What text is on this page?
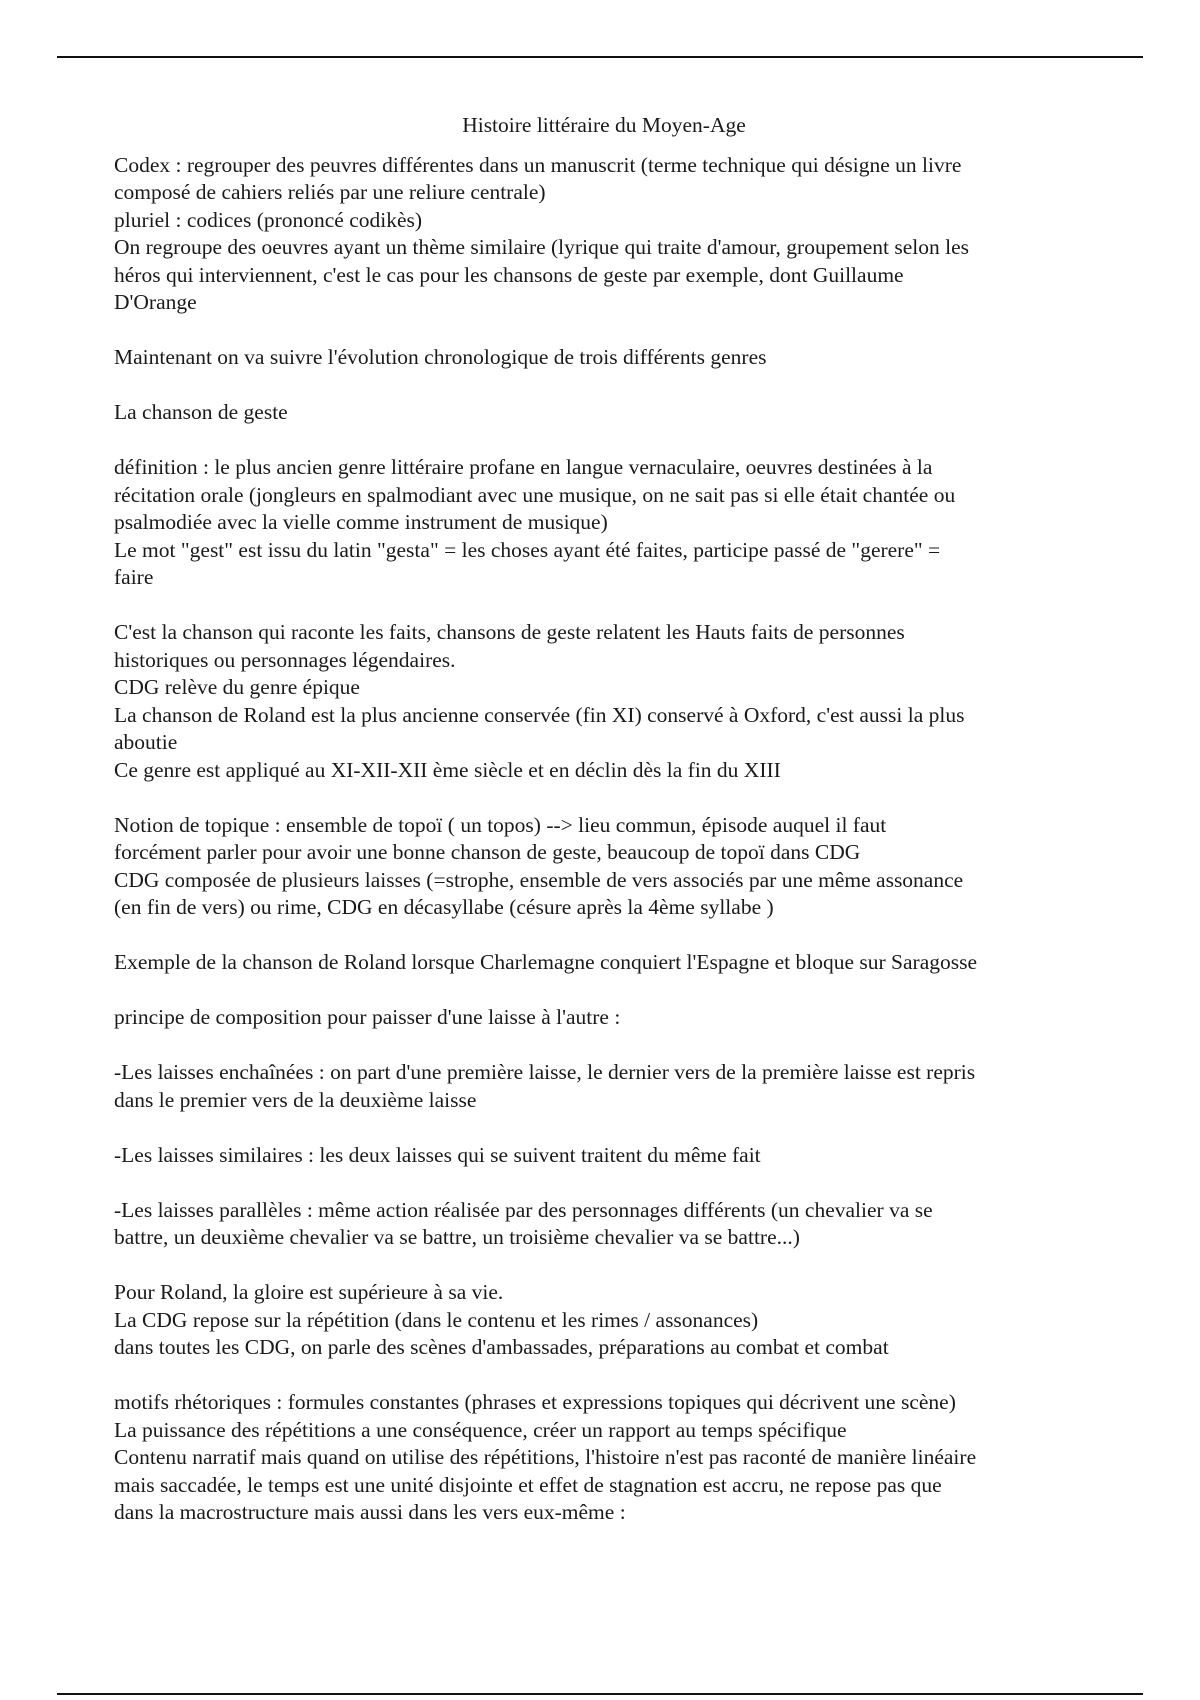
Histoire littéraire du Moyen-Age
Codex : regrouper des peuvres différentes dans un manuscrit (terme technique qui désigne un livre
composé de cahiers reliés par une reliure centrale)
pluriel : codices (prononcé codikès)
On regroupe des oeuvres ayant un thème similaire (lyrique qui traite d'amour, groupement selon les
héros qui interviennent, c'est le cas pour les chansons de geste par exemple, dont Guillaume
D'Orange
Maintenant on va suivre l'évolution chronologique de trois différents genres
La chanson de geste
définition : le plus ancien genre littéraire profane en langue vernaculaire, oeuvres destinées à la
récitation orale (jongleurs en spalmodiant avec une musique, on ne sait pas si elle était chantée ou
psalmodiée avec la vielle comme instrument de musique)
Le mot "gest" est issu du latin "gesta" = les choses ayant été faites, participe passé de "gerere" =
faire
C'est la chanson qui raconte les faits, chansons de geste relatent les Hauts faits de personnes
historiques ou personnages légendaires.
CDG relève du genre épique
La chanson de Roland est la plus ancienne conservée (fin XI) conservé à Oxford, c'est aussi la plus
aboutie
Ce genre est appliqué au XI-XII-XII ème siècle et en déclin dès la fin du XIII
Notion de topique : ensemble de topoï ( un topos) --> lieu commun, épisode auquel il faut
forcément parler pour avoir une bonne chanson de geste, beaucoup de topoï dans CDG
CDG composée de plusieurs laisses (=strophe, ensemble de vers associés par une même assonance
(en fin de vers) ou rime, CDG en décasyllabe (césure après la 4ème syllabe )
Exemple de la chanson de Roland lorsque Charlemagne conquiert l'Espagne et bloque sur Saragosse
principe de composition pour paisser d'une laisse à l'autre :
-Les laisses enchaînées : on part d'une première laisse, le dernier vers de la première laisse est repris
dans le premier vers de la deuxième laisse
-Les laisses similaires : les deux laisses qui se suivent traitent du même fait
-Les laisses parallèles : même action réalisée par des personnages différents (un chevalier va se
battre, un deuxième chevalier va se battre, un troisième chevalier va se battre...)
Pour Roland, la gloire est supérieure à sa vie.
La CDG repose sur la répétition (dans le contenu et les rimes / assonances)
dans toutes les CDG, on parle des scènes d'ambassades, préparations au combat et combat
motifs rhétoriques : formules constantes (phrases et expressions topiques qui décrivent une scène)
La puissance des répétitions a une conséquence, créer un rapport au temps spécifique
Contenu narratif mais quand on utilise des répétitions, l'histoire n'est pas raconté de manière linéaire
mais saccadée, le temps est une unité disjointe et effet de stagnation est accru, ne repose pas que
dans la macrostructure mais aussi dans les vers eux-même :
